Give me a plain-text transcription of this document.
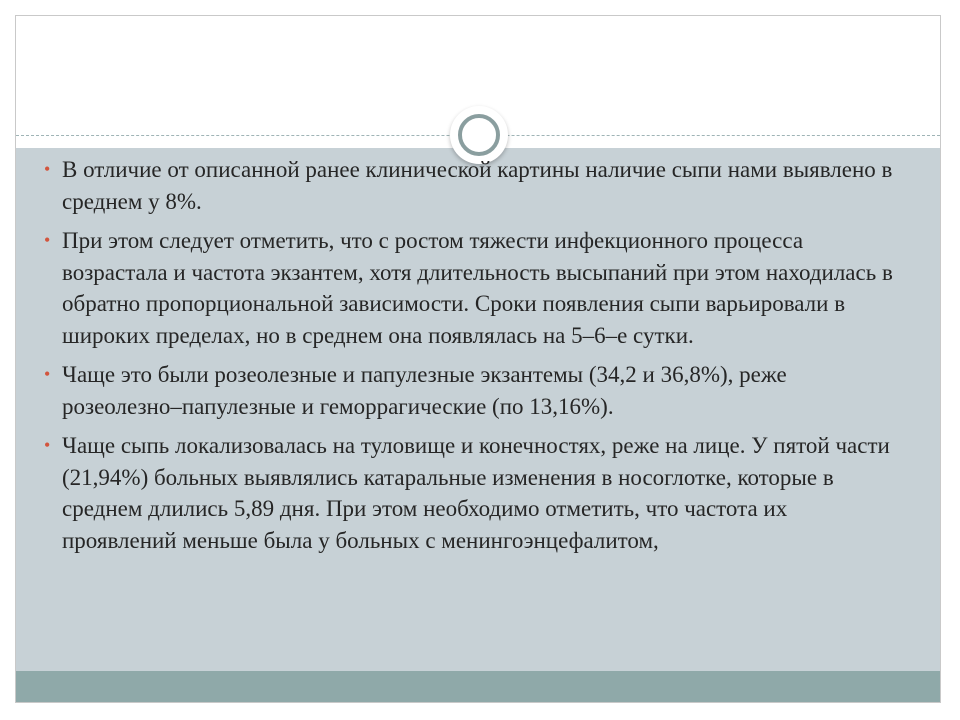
• В отличие от описанной ранее клинической картины наличие сыпи нами выявлено в среднем у 8%.
• При этом следует отметить, что с ростом тяжести инфекционного процесса возрастала и частота экзантем, хотя длительность высыпаний при этом находилась в обратно пропорциональной зависимости. Сроки появления сыпи варьировали в широких пределах, но в среднем она появлялась на 5–6–е сутки.
• Чаще это были розеолезные и папулезные экзантемы (34,2 и 36,8%), реже розеолезно–папулезные и геморрагические (по 13,16%).
• Чаще сыпь локализовалась на туловище и конечностях, реже на лице. У пятой части (21,94%) больных выявлялись катаральные изменения в носоглотке, которые в среднем длились 5,89 дня. При этом необходимо отметить, что частота их проявлений меньше была у больных с менингоэнцефалитом,
